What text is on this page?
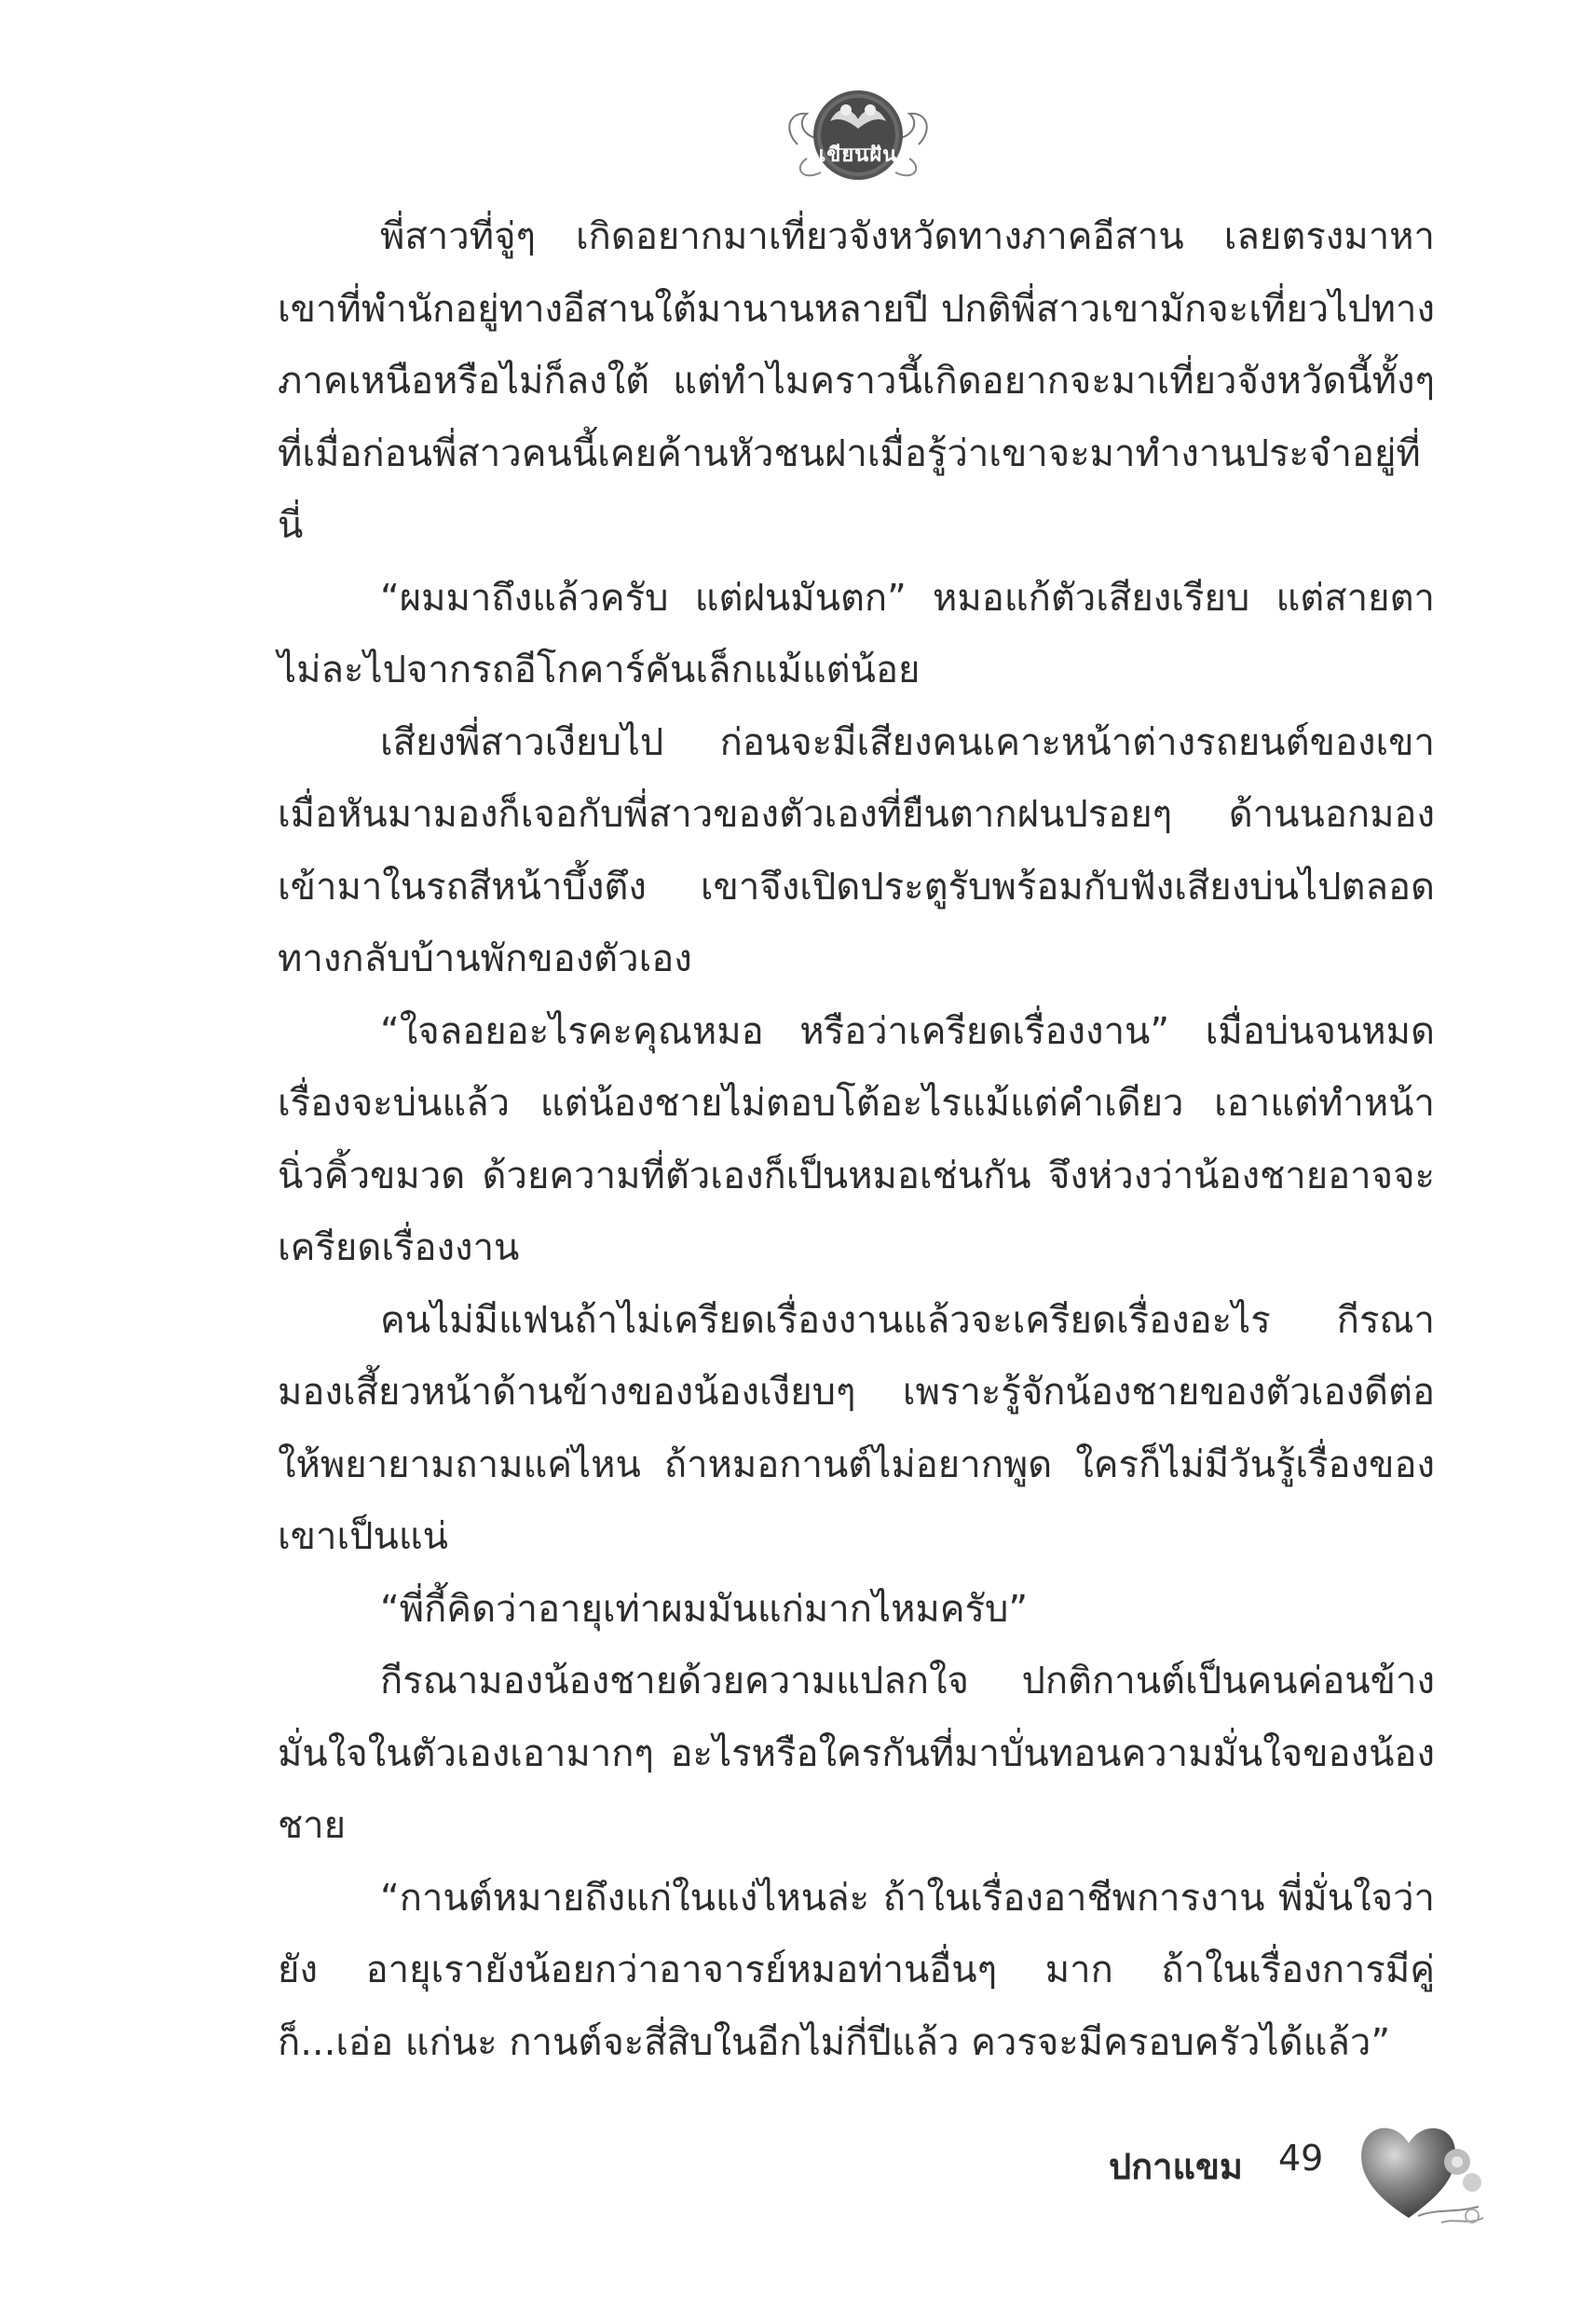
เขียนฝัน

พี่สาวที่จู่ๆ เกิดอยากมาเที่ยวจังหวัดทางภาคอีสาน เลยตรงมาหาเขาที่พำนักอยู่ทางอีสานใต้มานานหลายปี ปกติพี่สาวเขามักจะเที่ยวไปทางภาคเหนือหรือไม่ก็ลงใต้ แต่ทำไมคราวนี้เกิดอยากจะมาเที่ยวจังหวัดนี้ทั้งๆ ที่เมื่อก่อนพี่สาวคนนี้เคยค้านหัวชนฝาเมื่อรู้ว่าเขาจะมาทำงานประจำอยู่ที่นี่

“ผมมาถึงแล้วครับ แต่ฝนมันตก” หมอแก้ตัวเสียงเรียบ แต่สายตาไม่ละไปจากรถอีโกคาร์คันเล็กแม้แต่น้อย

เสียงพี่สาวเงียบไป ก่อนจะมีเสียงคนเคาะหน้าต่างรถยนต์ของเขาเมื่อหันมามองก็เจอกับพี่สาวของตัวเองที่ยืนตากฝนปรอยๆ ด้านนอกมองเข้ามาในรถสีหน้าบึ้งตึง เขาจึงเปิดประตูรับพร้อมกับฟังเสียงบ่นไปตลอดทางกลับบ้านพักของตัวเอง

“ใจลอยอะไรคะคุณหมอ หรือว่าเครียดเรื่องงาน” เมื่อบ่นจนหมดเรื่องจะบ่นแล้ว แต่น้องชายไม่ตอบโต้อะไรแม้แต่คำเดียว เอาแต่ทำหน้านิ่วคิ้วขมวด ด้วยความที่ตัวเองก็เป็นหมอเช่นกัน จึงห่วงว่าน้องชายอาจจะเครียดเรื่องงาน

คนไม่มีแฟนถ้าไม่เครียดเรื่องงานแล้วจะเครียดเรื่องอะไร กีรณามองเสี้ยวหน้าด้านข้างของน้องเงียบๆ เพราะรู้จักน้องชายของตัวเองดีต่อให้พยายามถามแค่ไหน ถ้าหมอกานต์ไม่อยากพูด ใครก็ไม่มีวันรู้เรื่องของเขาเป็นแน่

“พี่กี้คิดว่าอายุเท่าผมมันแก่มากไหมครับ”

กีรณามองน้องชายด้วยความแปลกใจ ปกติกานต์เป็นคนค่อนข้างมั่นใจในตัวเองเอามากๆ อะไรหรือใครกันที่มาบั่นทอนความมั่นใจของน้องชาย

“กานต์หมายถึงแก่ในแง่ไหนล่ะ ถ้าในเรื่องอาชีพการงาน พี่มั่นใจว่ายัง อายุเรายังน้อยกว่าอาจารย์หมอท่านอื่นๆ มาก ถ้าในเรื่องการมีคู่ก็...เอ่อ แก่นะ กานต์จะสี่สิบในอีกไม่กี่ปีแล้ว ควรจะมีครอบครัวได้แล้ว”

ปกาแขม 49
